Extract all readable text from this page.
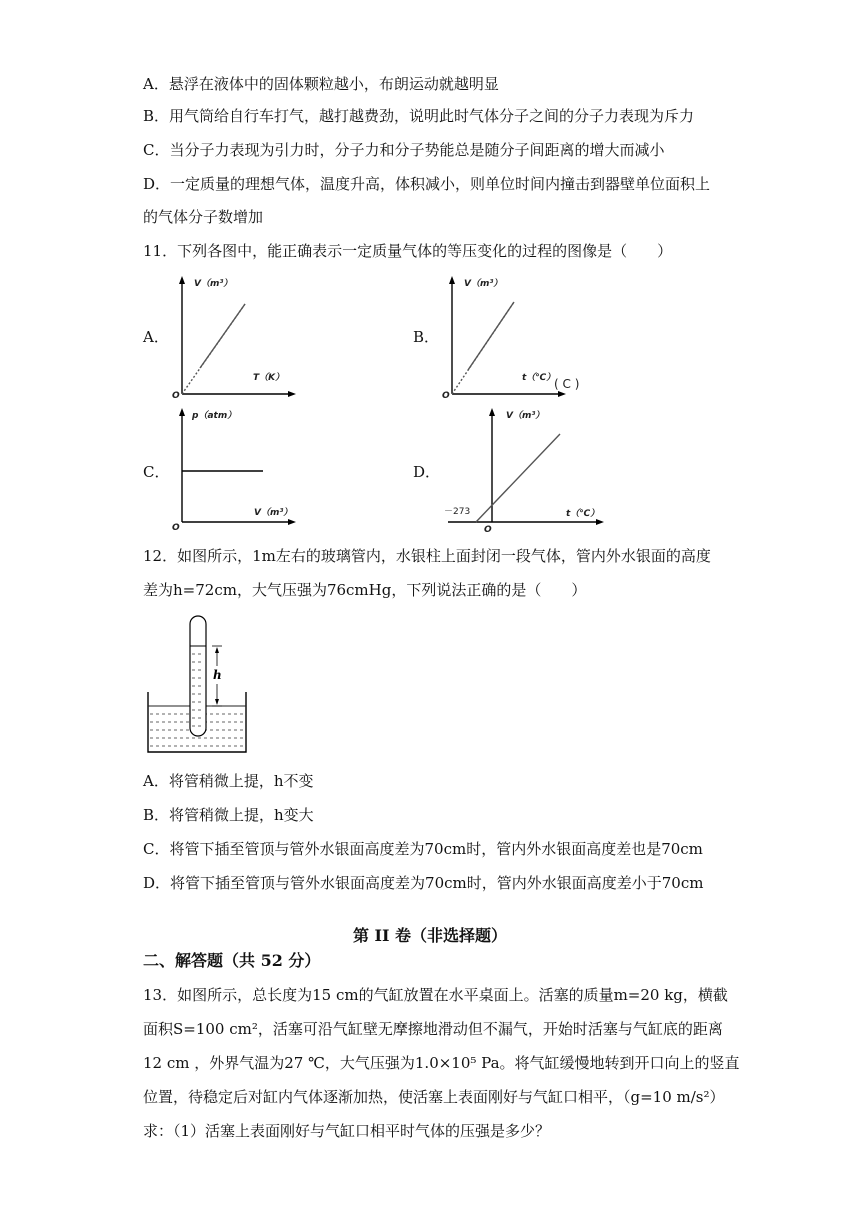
A．悬浮在液体中的固体颗粒越小，布朗运动就越明显
B．用气筒给自行车打气，越打越费劲，说明此时气体分子之间的分子力表现为斥力
C．当分子力表现为引力时，分子力和分子势能总是随分子间距离的增大而减小
D．一定质量的理想气体，温度升高，体积减小，则单位时间内撞击到器壁单位面积上
的气体分子数增加
11．下列各图中，能正确表示一定质量气体的等压变化的过程的图像是（　　）
A．
V（m³）
T（K）
O
B．
V（m³）
t（℃）
( C )
O
C．
p（atm）
V（m³）
O
D．
V（m³）
t（℃）
－273
O
12．如图所示，1m左右的玻璃管内，水银柱上面封闭一段气体，管内外水银面的高度
差为h=72cm，大气压强为76cmHg，下列说法正确的是（　　）
h
A．将管稍微上提，h不变
B．将管稍微上提，h变大
C．将管下插至管顶与管外水银面高度差为70cm时，管内外水银面高度差也是70cm
D．将管下插至管顶与管外水银面高度差为70cm时，管内外水银面高度差小于70cm
第 II 卷（非选择题）
二、解答题（共 52 分）
13．如图所示，总长度为15 cm的气缸放置在水平桌面上。活塞的质量m=20 kg，横截
面积S=100 cm²，活塞可沿气缸壁无摩擦地滑动但不漏气，开始时活塞与气缸底的距离
12 cm ，外界气温为27 ℃，大气压强为1.0×10⁵ Pa。将气缸缓慢地转到开口向上的竖直
位置，待稳定后对缸内气体逐渐加热，使活塞上表面刚好与气缸口相平，（g=10 m/s²）
求：（1）活塞上表面刚好与气缸口相平时气体的压强是多少？
